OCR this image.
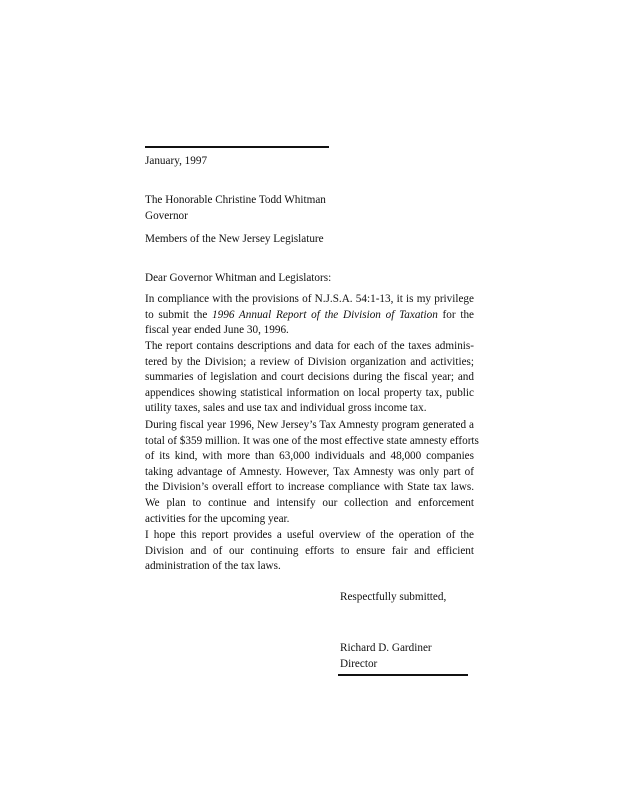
January, 1997
The Honorable Christine Todd Whitman
Governor
Members of the New Jersey Legislature
Dear Governor Whitman and Legislators:
In compliance with the provisions of N.J.S.A. 54:1-13, it is my privilege
to submit the 1996 Annual Report of the Division of Taxation for the
fiscal year ended June 30, 1996.
The report contains descriptions and data for each of the taxes adminis-
tered by the Division; a review of Division organization and activities;
summaries of legislation and court decisions during the fiscal year; and
appendices showing statistical information on local property tax, public
utility taxes, sales and use tax and individual gross income tax.
During fiscal year 1996, New Jersey’s Tax Amnesty program generated a
total of $359 million. It was one of the most effective state amnesty efforts
of its kind, with more than 63,000 individuals and 48,000 companies
taking advantage of Amnesty. However, Tax Amnesty was only part of
the Division’s overall effort to increase compliance with State tax laws.
We plan to continue and intensify our collection and enforcement
activities for the upcoming year.
I hope this report provides a useful overview of the operation of the
Division and of our continuing efforts to ensure fair and efficient
administration of the tax laws.
Respectfully submitted,
Richard D. Gardiner
Director
